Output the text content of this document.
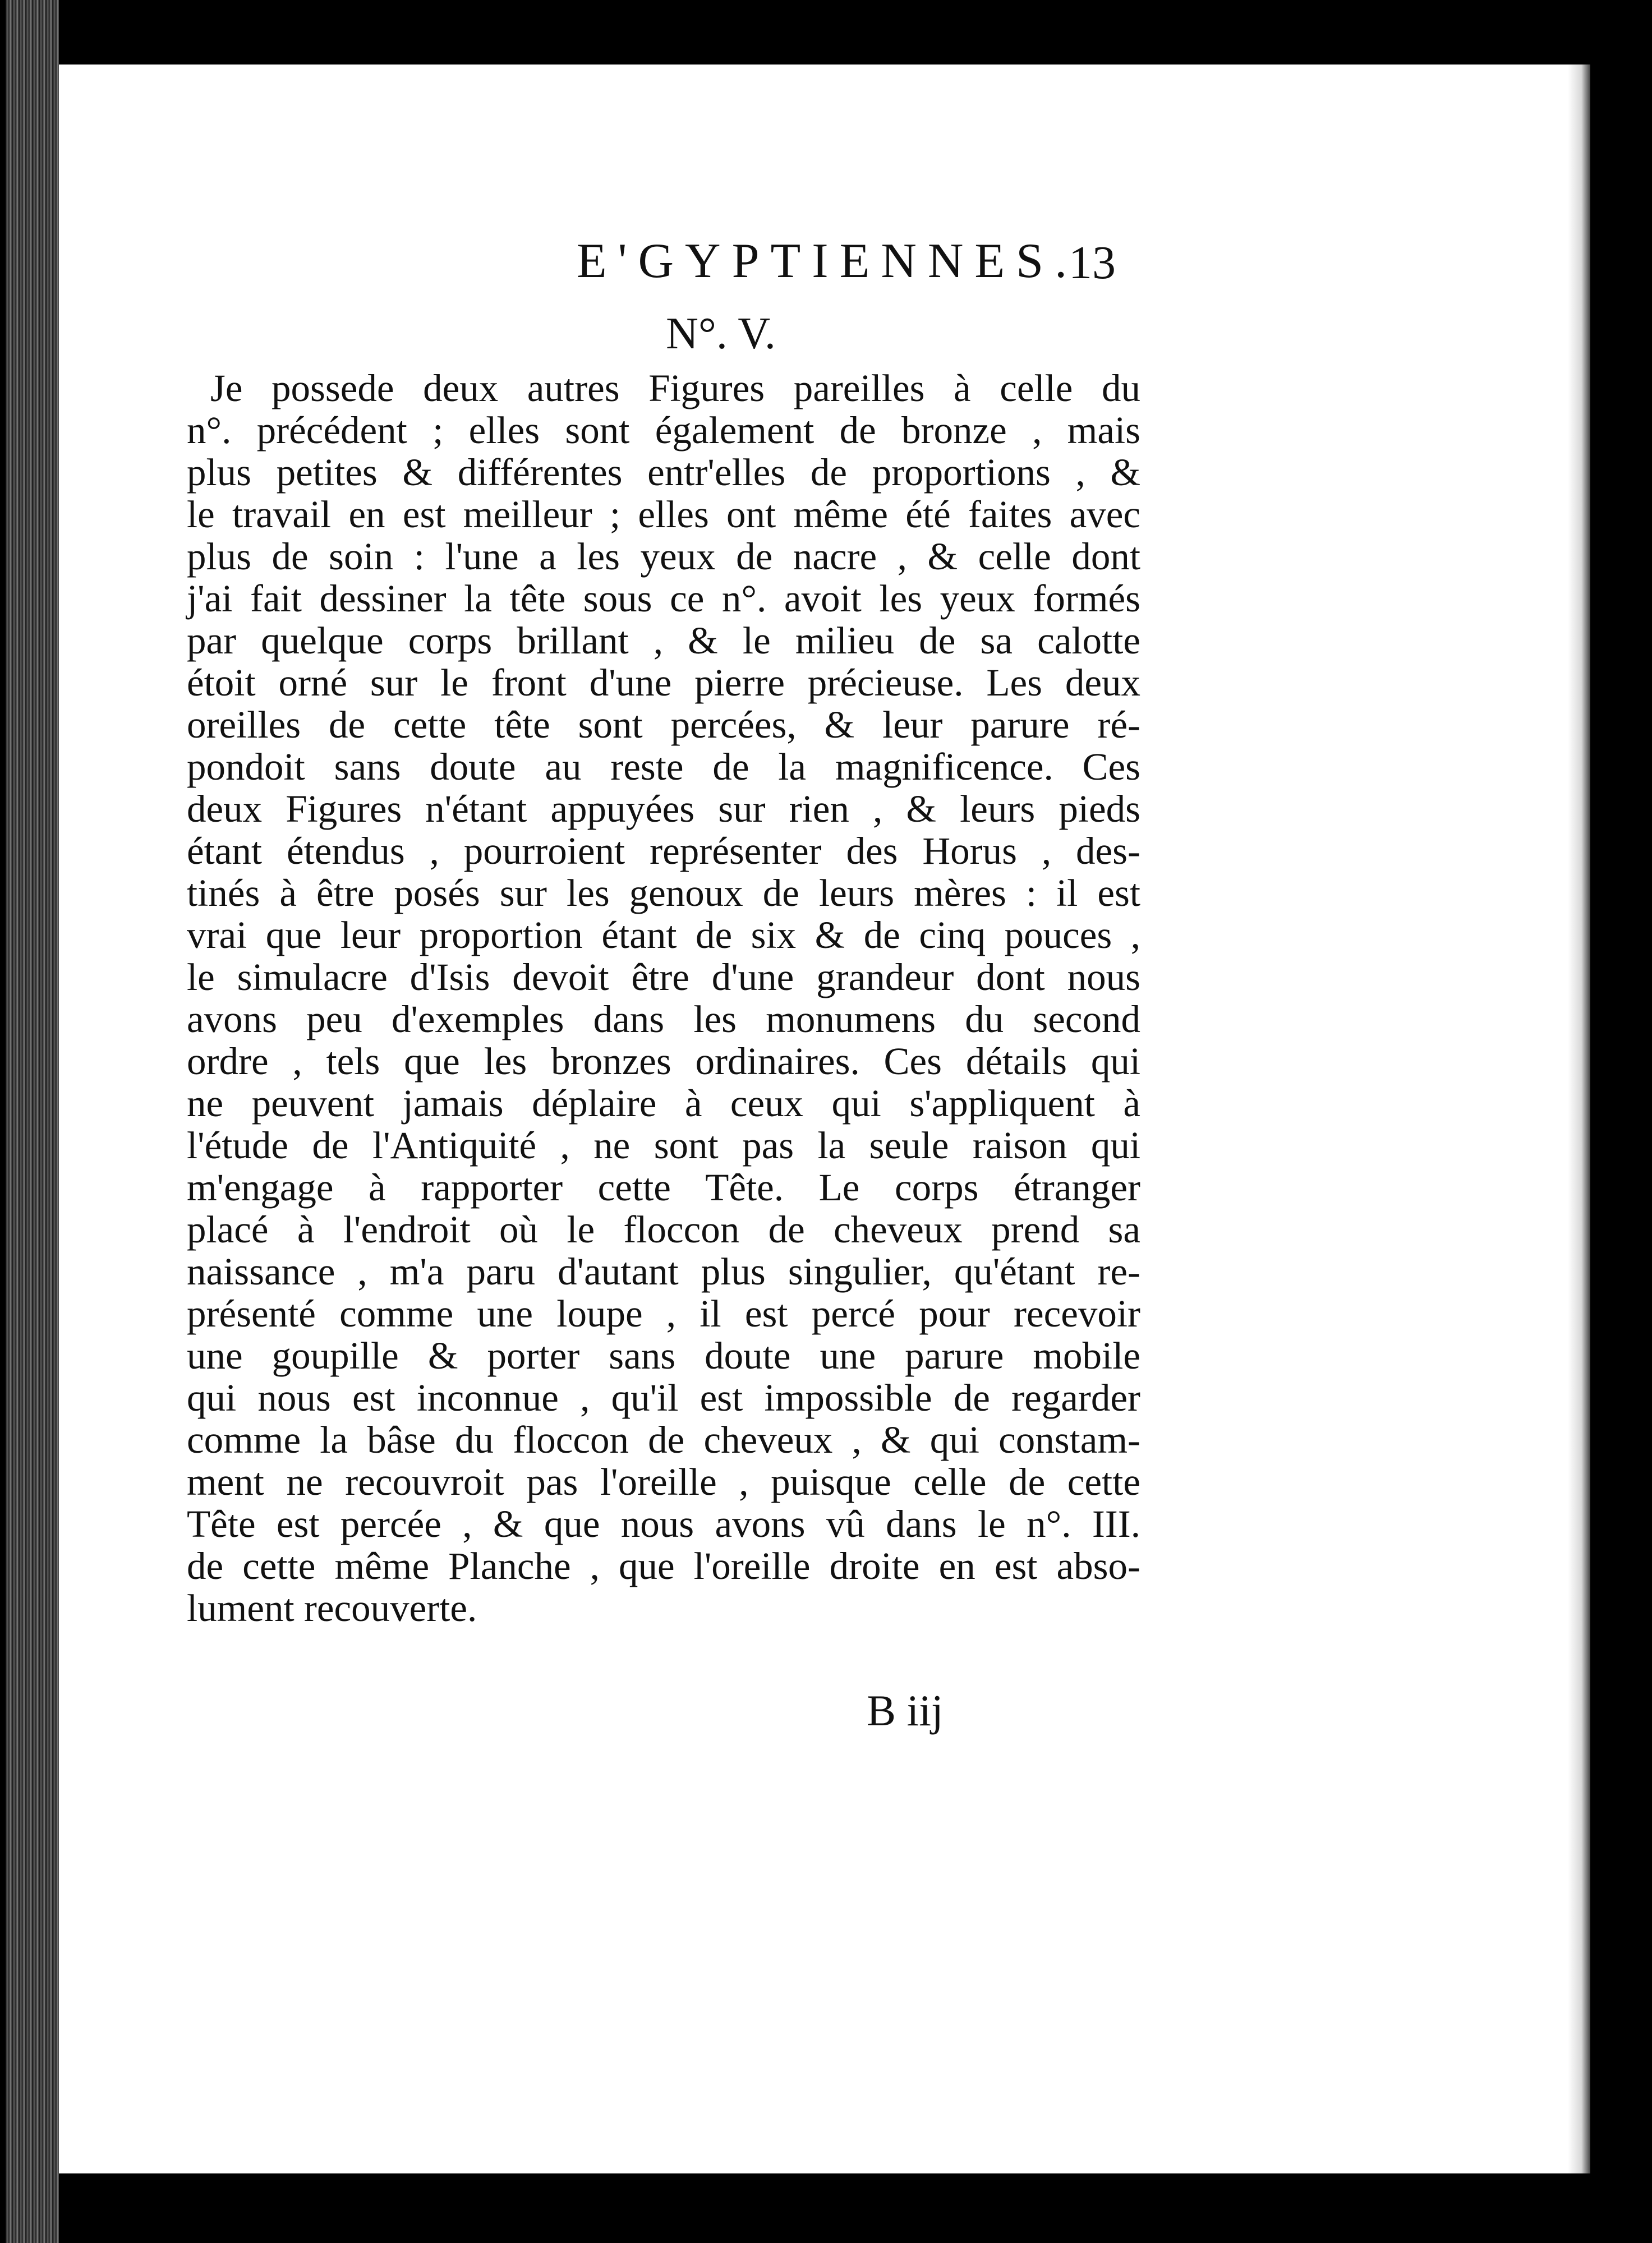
E'GYPTIENNES.
13
N°. V.
Je possede deux autres Figures pareilles à celle du
n°. précédent ; elles sont également de bronze , mais
plus petites & différentes entr'elles de proportions , &
le travail en est meilleur ; elles ont même été faites avec
plus de soin : l'une a les yeux de nacre , & celle dont
j'ai fait dessiner la tête sous ce n°. avoit les yeux formés
par quelque corps brillant , & le milieu de sa calotte
étoit orné sur le front d'une pierre précieuse. Les deux
oreilles de cette tête sont percées, & leur parure ré-
pondoit sans doute au reste de la magnificence. Ces
deux Figures n'étant appuyées sur rien , & leurs pieds
étant étendus , pourroient représenter des Horus , des-
tinés à être posés sur les genoux de leurs mères : il est
vrai que leur proportion étant de six & de cinq pouces ,
le simulacre d'Isis devoit être d'une grandeur dont nous
avons peu d'exemples dans les monumens du second
ordre , tels que les bronzes ordinaires. Ces détails qui
ne peuvent jamais déplaire à ceux qui s'appliquent à
l'étude de l'Antiquité , ne sont pas la seule raison qui
m'engage à rapporter cette Tête. Le corps étranger
placé à l'endroit où le floccon de cheveux prend sa
naissance , m'a paru d'autant plus singulier, qu'étant re-
présenté comme une loupe , il est percé pour recevoir
une goupille & porter sans doute une parure mobile
qui nous est inconnue , qu'il est impossible de regarder
comme la bâse du floccon de cheveux , & qui constam-
ment ne recouvroit pas l'oreille , puisque celle de cette
Tête est percée , & que nous avons vû dans le n°. III.
de cette même Planche , que l'oreille droite en est abso-
lument recouverte.
B iij
